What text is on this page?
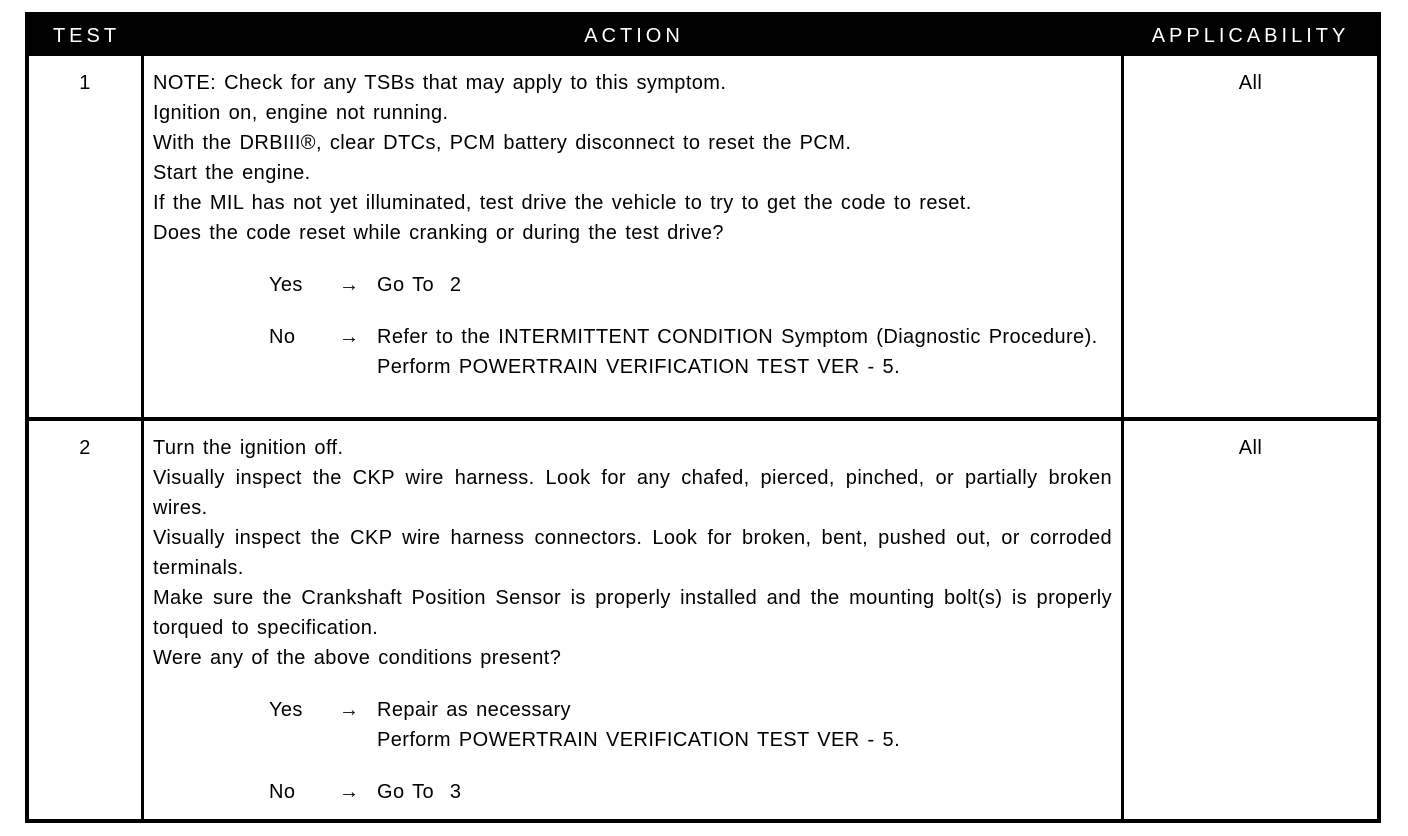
TEST	ACTION	APPLICABILITY
1	NOTE: Check for any TSBs that may apply to this symptom.
Ignition on, engine not running.
With the DRBIII®, clear DTCs, PCM battery disconnect to reset the PCM.
Start the engine.
If the MIL has not yet illuminated, test drive the vehicle to try to get the code to reset.
Does the code reset while cranking or during the test drive?
Yes	→ Go To  2
No	→ Refer to the INTERMITTENT CONDITION Symptom (Diagnostic Procedure).
Perform POWERTRAIN VERIFICATION TEST VER - 5.
All
2	Turn the ignition off.
Visually inspect the CKP wire harness. Look for any chafed, pierced, pinched, or partially broken wires.
Visually inspect the CKP wire harness connectors. Look for broken, bent, pushed out, or corroded terminals.
Make sure the Crankshaft Position Sensor is properly installed and the mounting bolt(s) is properly torqued to specification.
Were any of the above conditions present?
Yes	→ Repair as necessary
Perform POWERTRAIN VERIFICATION TEST VER - 5.
No	→ Go To  3
All
